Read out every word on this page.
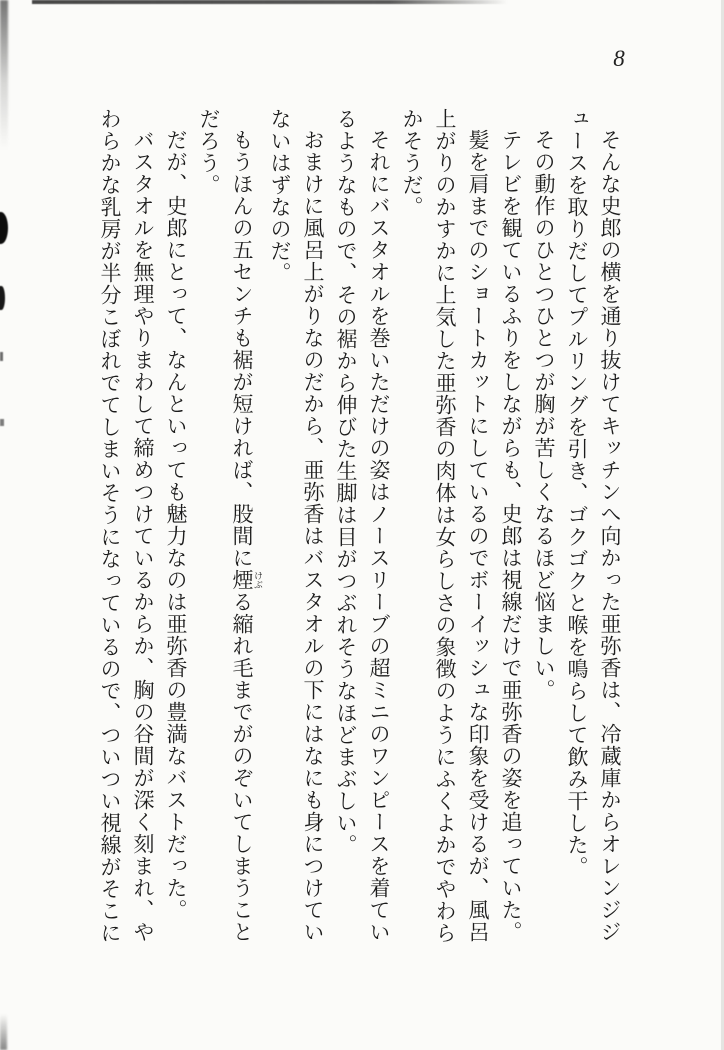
8

そんな史郎の横を通り抜けてキッチンへ向かった亜弥香は、冷蔵庫からオレンジジュースを取りだしてプルリングを引き、ゴクゴクと喉を鳴らして飲み干した。

その動作のひとつひとつが胸が苦しくなるほど悩ましい。

テレビを観ているふりをしながらも、史郎は視線だけで亜弥香の姿を追っていた。

髪を肩までのショートカットにしているのでボーイッシュな印象を受けるが、風呂上がりのかすかに上気した亜弥香の肉体は女らしさの象徴のようにふくよかでやわらかそうだ。

それにバスタオルを巻いただけの姿はノースリーブの超ミニのワンピースを着ているようなもので、その裾から伸びた生脚は目がつぶれそうなほどまぶしい。

おまけに風呂上がりなのだから、亜弥香はバスタオルの下にはなにも身につけていないはずなのだ。

もうほんの五センチも裾が短ければ、股間に煙 けぶる縮れ毛までがのぞいてしまうことだろう。

だが、史郎にとって、なんといっても魅力なのは亜弥香の豊満なバストだった。

バスタオルを無理やりまわして締めつけているからか、胸の谷間が深く刻まれ、やわらかな乳房が半分こぼれでてしまいそうになっているので、ついつい視線がそこに
